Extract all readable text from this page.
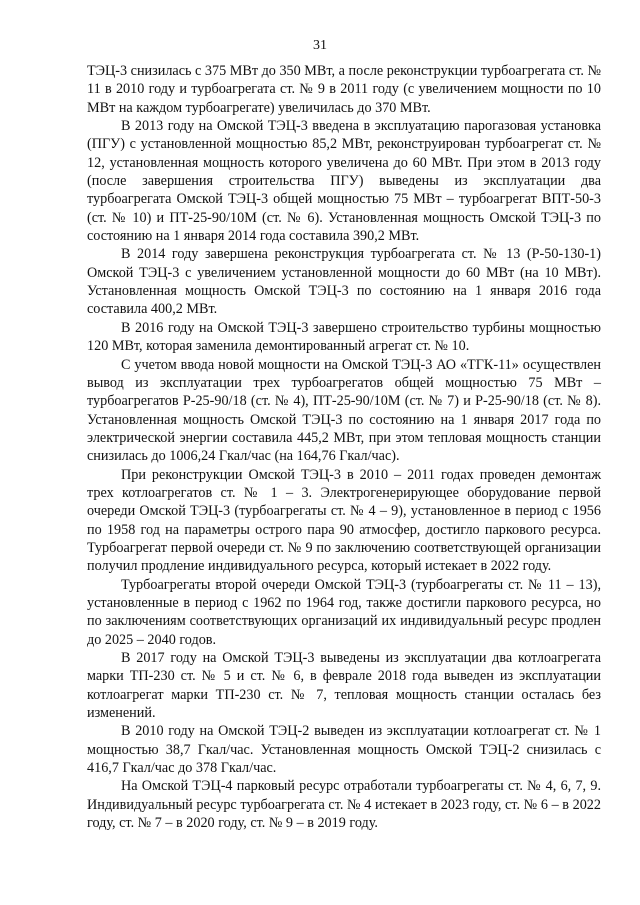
31

ТЭЦ-3 снизилась с 375 МВт до 350 МВт, а после реконструкции турбоагрегата ст. № 11 в 2010 году и турбоагрегата ст. № 9 в 2011 году (с увеличением мощности по 10 МВт на каждом турбоагрегате) увеличилась до 370 МВт.

В 2013 году на Омской ТЭЦ-3 введена в эксплуатацию парогазовая установка (ПГУ) с установленной мощностью 85,2 МВт, реконструирован турбоагрегат ст. № 12, установленная мощность которого увеличена до 60 МВт. При этом в 2013 году (после завершения строительства ПГУ) выведены из эксплуатации два турбоагрегата Омской ТЭЦ-3 общей мощностью 75 МВт – турбоагрегат ВПТ-50-3 (ст. № 10) и ПТ-25-90/10М (ст. № 6). Установленная мощность Омской ТЭЦ-3 по состоянию на 1 января 2014 года составила 390,2 МВт.

В 2014 году завершена реконструкция турбоагрегата ст. № 13 (Р-50-130-1) Омской ТЭЦ-3 с увеличением установленной мощности до 60 МВт (на 10 МВт). Установленная мощность Омской ТЭЦ-3 по состоянию на 1 января 2016 года составила 400,2 МВт.

В 2016 году на Омской ТЭЦ-3 завершено строительство турбины мощностью 120 МВт, которая заменила демонтированный агрегат ст. № 10.

С учетом ввода новой мощности на Омской ТЭЦ-3 АО «ТГК-11» осуществлен вывод из эксплуатации трех турбоагрегатов общей мощностью 75 МВт – турбоагрегатов Р-25-90/18 (ст. № 4), ПТ-25-90/10М (ст. № 7) и Р-25-90/18 (ст. № 8). Установленная мощность Омской ТЭЦ-3 по состоянию на 1 января 2017 года по электрической энергии составила 445,2 МВт, при этом тепловая мощность станции снизилась до 1006,24 Гкал/час (на 164,76 Гкал/час).

При реконструкции Омской ТЭЦ-3 в 2010 – 2011 годах проведен демонтаж трех котлоагрегатов ст. № 1 – 3. Электрогенерирующее оборудование первой очереди Омской ТЭЦ-3 (турбоагрегаты ст. № 4 – 9), установленное в период с 1956 по 1958 год на параметры острого пара 90 атмосфер, достигло паркового ресурса. Турбоагрегат первой очереди ст. № 9 по заключению соответствующей организации получил продление индивидуального ресурса, который истекает в 2022 году.

Турбоагрегаты второй очереди Омской ТЭЦ-3 (турбоагрегаты ст. № 11 – 13), установленные в период с 1962 по 1964 год, также достигли паркового ресурса, но по заключениям соответствующих организаций их индивидуальный ресурс продлен до 2025 – 2040 годов.

В 2017 году на Омской ТЭЦ-3 выведены из эксплуатации два котлоагрегата марки ТП-230 ст. № 5 и ст. № 6, в феврале 2018 года выведен из эксплуатации котлоагрегат марки ТП-230 ст. № 7, тепловая мощность станции осталась без изменений.

В 2010 году на Омской ТЭЦ-2 выведен из эксплуатации котлоагрегат ст. № 1 мощностью 38,7 Гкал/час. Установленная мощность Омской ТЭЦ-2 снизилась с 416,7 Гкал/час до 378 Гкал/час.

На Омской ТЭЦ-4 парковый ресурс отработали турбоагрегаты ст. № 4, 6, 7, 9. Индивидуальный ресурс турбоагрегата ст. № 4 истекает в 2023 году, ст. № 6 – в 2022 году, ст. № 7 – в 2020 году, ст. № 9 – в 2019 году.
